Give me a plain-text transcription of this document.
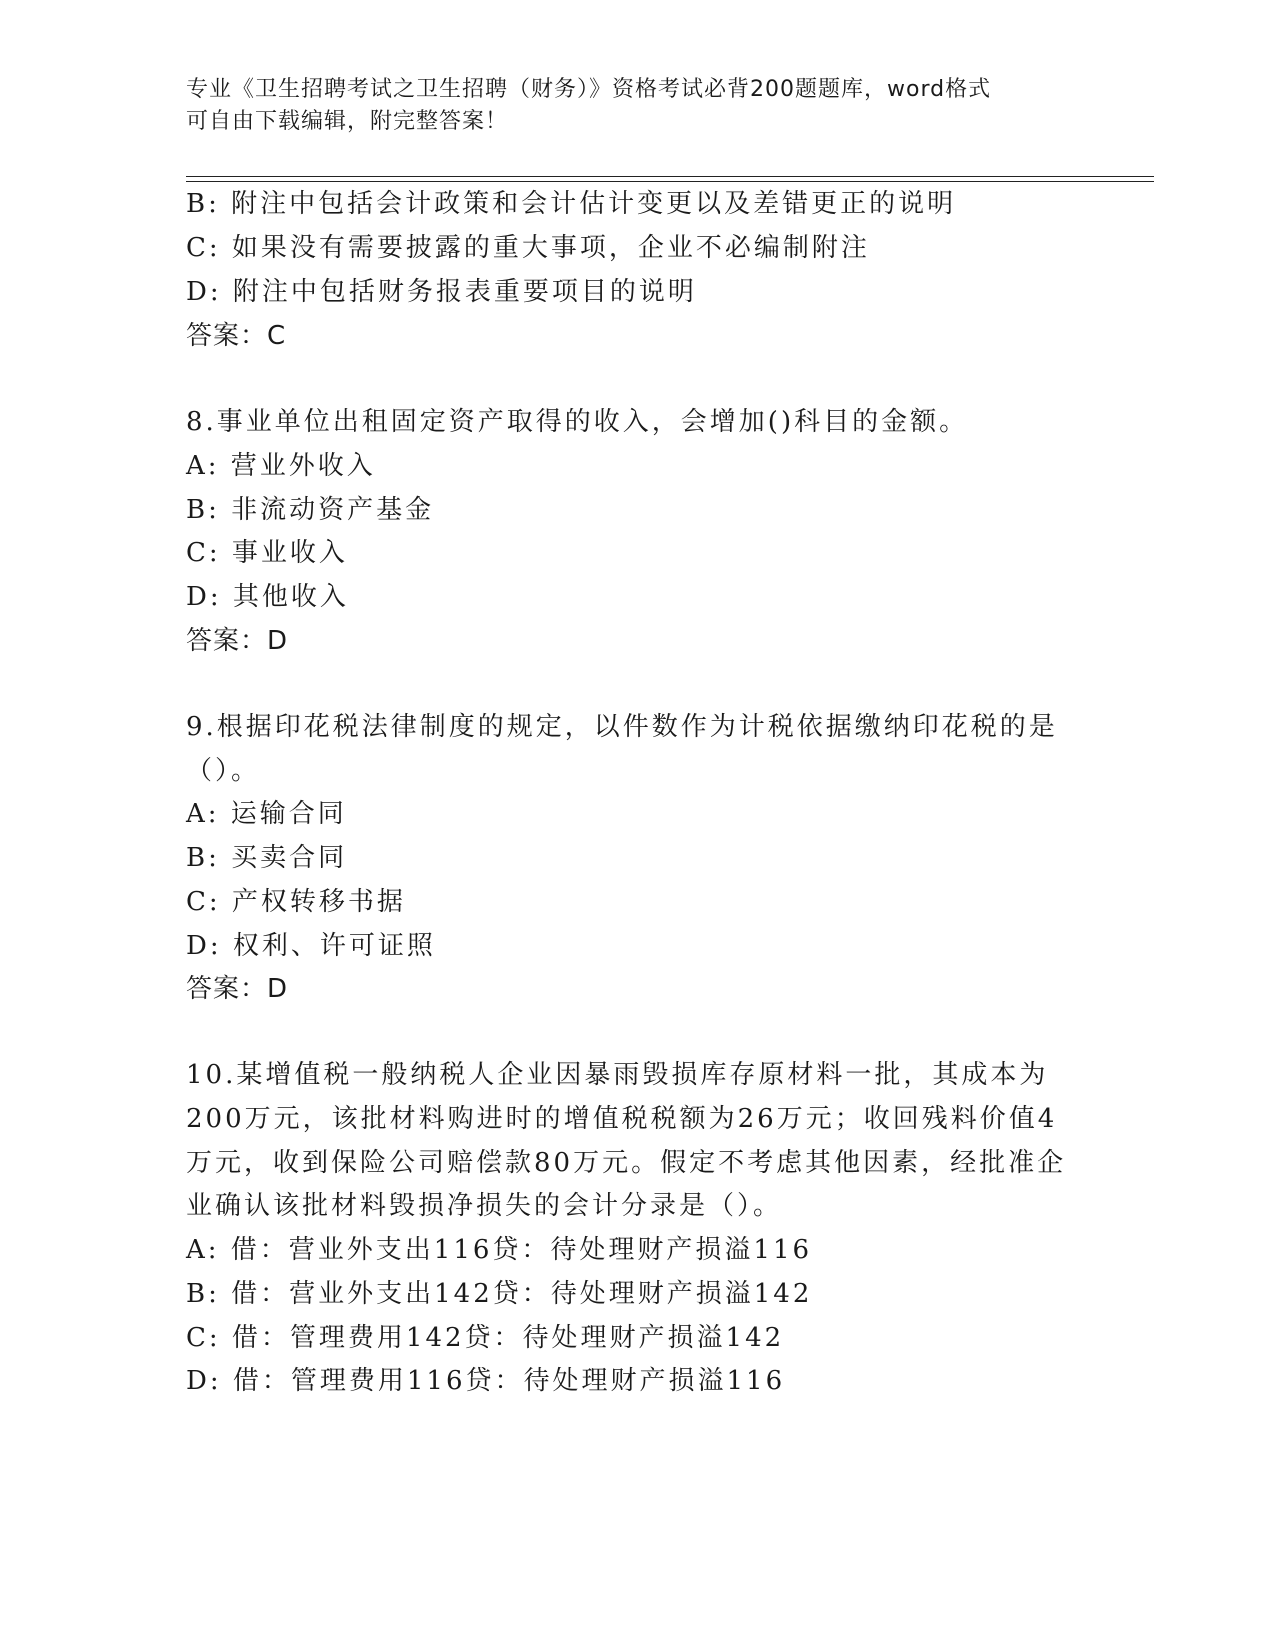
专业《卫生招聘考试之卫生招聘（财务）》资格考试必背200题题库，word格式
可自由下载编辑，附完整答案！
B: 附注中包括会计政策和会计估计变更以及差错更正的说明
C: 如果没有需要披露的重大事项，企业不必编制附注
D: 附注中包括财务报表重要项目的说明
答案：C
8.事业单位出租固定资产取得的收入，会增加()科目的金额。
A: 营业外收入
B: 非流动资产基金
C: 事业收入
D: 其他收入
答案：D
9.根据印花税法律制度的规定，以件数作为计税依据缴纳印花税的是
（）。
A: 运输合同
B: 买卖合同
C: 产权转移书据
D: 权利、许可证照
答案：D
10.某增值税一般纳税人企业因暴雨毁损库存原材料一批，其成本为
200万元，该批材料购进时的增值税税额为26万元；收回残料价值4
万元，收到保险公司赔偿款80万元。假定不考虑其他因素，经批准企
业确认该批材料毁损净损失的会计分录是（）。
A: 借：营业外支出116贷：待处理财产损溢116
B: 借：营业外支出142贷：待处理财产损溢142
C: 借：管理费用142贷：待处理财产损溢142
D: 借：管理费用116贷：待处理财产损溢116
